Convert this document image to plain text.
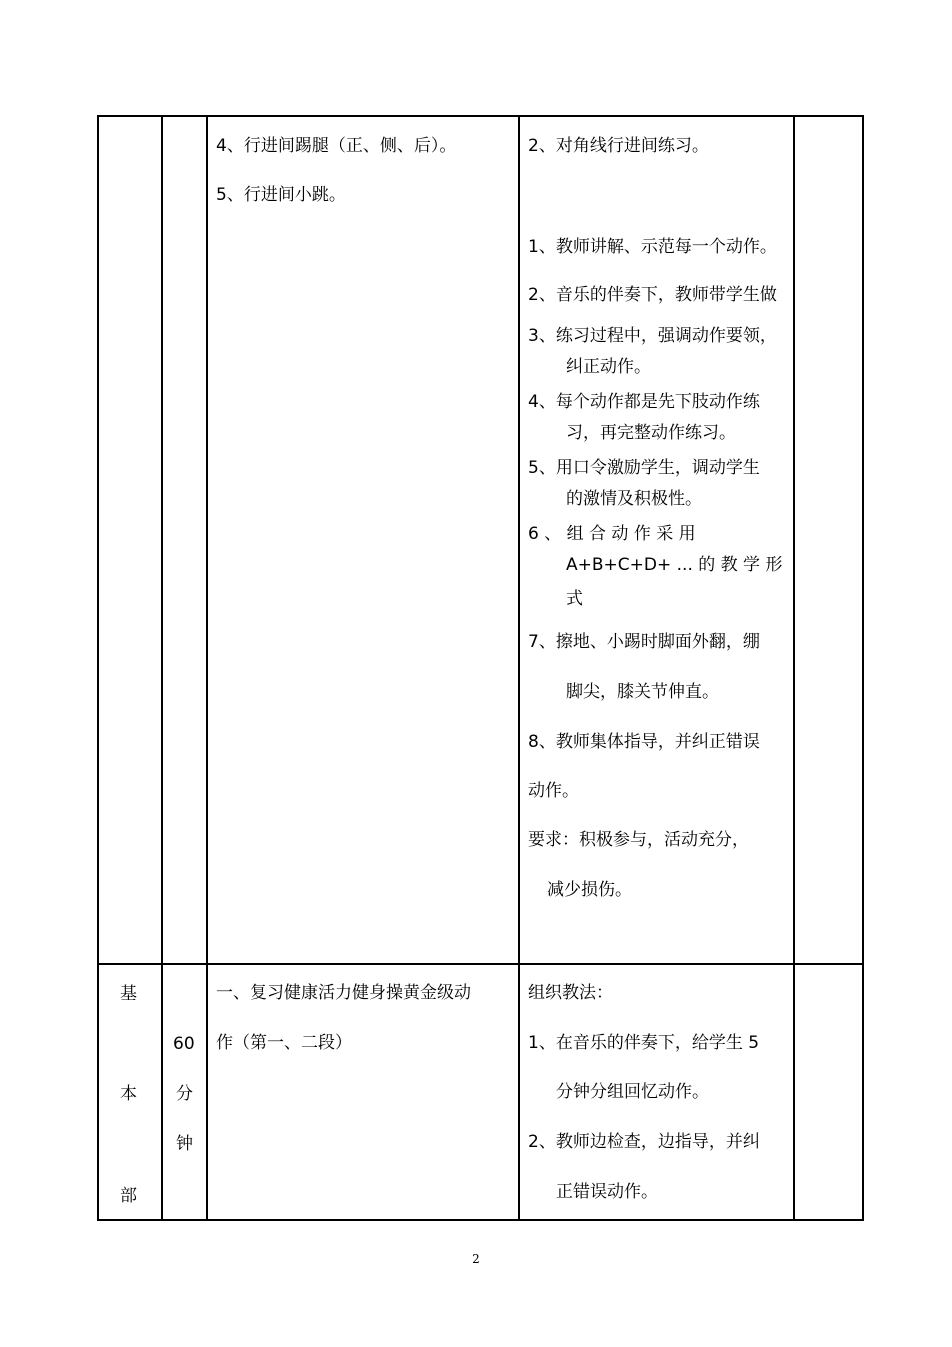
4、行进间踢腿（正、侧、后）。
5、行进间小跳。
2、对角线行进间练习。
1、教师讲解、示范每一个动作。
2、音乐的伴奏下，教师带学生做
3、练习过程中，强调动作要领，
纠正动作。
4、每个动作都是先下肢动作练
习，再完整动作练习。
5、用口令激励学生，调动学生
的激情及积极性。
6 、 组 合 动 作 采 用
A+B+C+D+ ... 的 教 学 形
式
7、擦地、小踢时脚面外翻，绷
脚尖，膝关节伸直。
8、教师集体指导，并纠正错误
动作。
要求：积极参与，活动充分，
减少损伤。
基
本
部
60
分
钟
一、复习健康活力健身操黄金级动
作（第一、二段）
组织教法：
1、在音乐的伴奏下，给学生 5
分钟分组回忆动作。
2、教师边检查，边指导，并纠
正错误动作。
2
